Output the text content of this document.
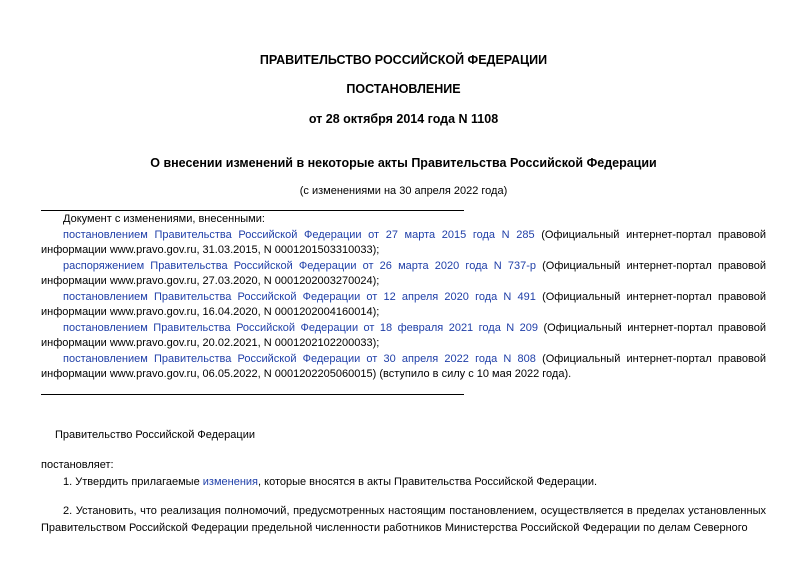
ПРАВИТЕЛЬСТВО РОССИЙСКОЙ ФЕДЕРАЦИИ
ПОСТАНОВЛЕНИЕ
от 28 октября 2014 года N 1108
О внесении изменений в некоторые акты Правительства Российской Федерации
(с изменениями на 30 апреля 2022 года)

Документ с изменениями, внесенными:

постановлением Правительства Российской Федерации от 27 марта 2015 года N 285 (Официальный интернет-портал правовой информации www.pravo.gov.ru, 31.03.2015, N 0001201503310033);

распоряжением Правительства Российской Федерации от 26 марта 2020 года N 737-р (Официальный интернет-портал правовой информации www.pravo.gov.ru, 27.03.2020, N 0001202003270024);

постановлением Правительства Российской Федерации от 12 апреля 2020 года N 491 (Официальный интернет-портал правовой информации www.pravo.gov.ru, 16.04.2020, N 0001202004160014);

постановлением Правительства Российской Федерации от 18 февраля 2021 года N 209 (Официальный интернет-портал правовой информации www.pravo.gov.ru, 20.02.2021, N 0001202102200033);

постановлением Правительства Российской Федерации от 30 апреля 2022 года N 808 (Официальный интернет-портал правовой информации www.pravo.gov.ru, 06.05.2022, N 0001202205060015) (вступило в силу с 10 мая 2022 года).

Правительство Российской Федерации

постановляет:

1. Утвердить прилагаемые изменения, которые вносятся в акты Правительства Российской Федерации.

2. Установить, что реализация полномочий, предусмотренных настоящим постановлением, осуществляется в пределах установленных Правительством Российской Федерации предельной численности работников Министерства Российской Федерации по делам Северного
